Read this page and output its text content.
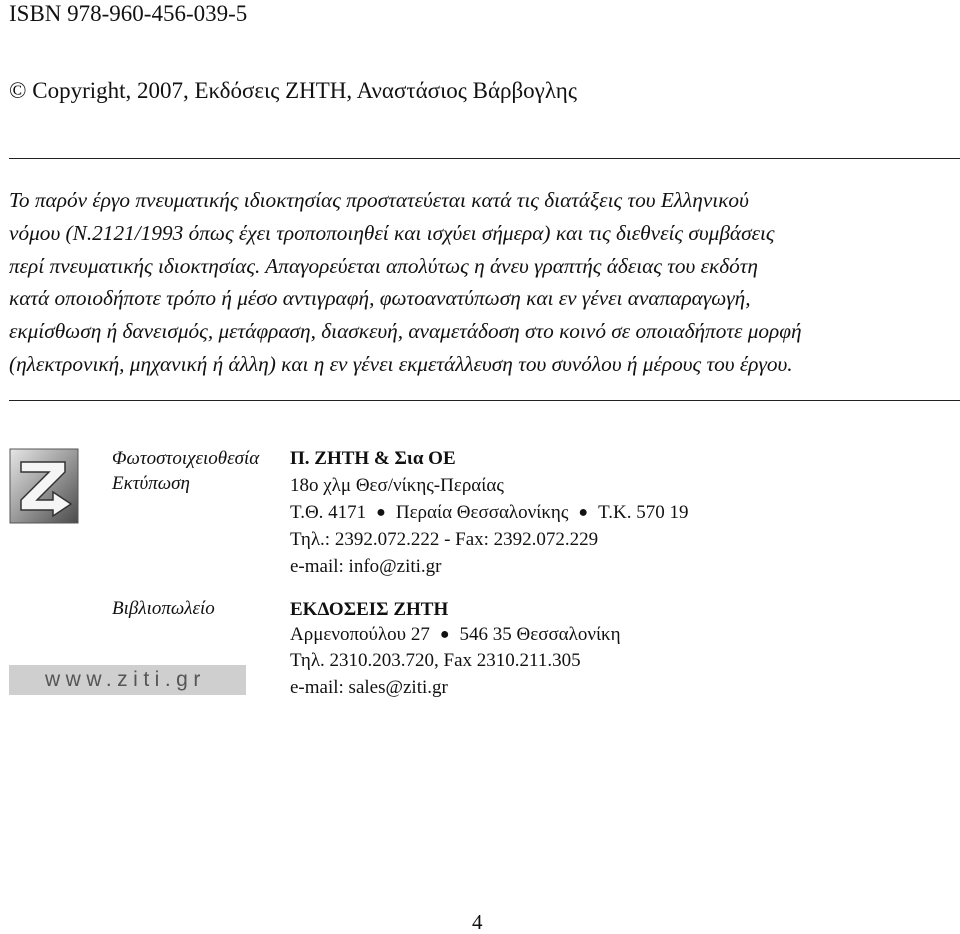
ISBN 978-960-456-039-5
© Copyright, 2007, Εκδόσεις ΖΗΤΗ, Αναστάσιος Βάρβογλης

Το παρόν έργο πνευματικής ιδιοκτησίας προστατεύεται κατά τις διατάξεις του Ελληνικού
νόμου (Ν.2121/1993 όπως έχει τροποποιηθεί και ισχύει σήμερα) και τις διεθνείς συμβάσεις
περί πνευματικής ιδιοκτησίας. Απαγορεύεται απολύτως η άνευ γραπτής άδειας του εκδότη
κατά οποιοδήποτε τρόπο ή μέσο αντιγραφή, φωτοανατύπωση και εν γένει αναπαραγωγή,
εκμίσθωση ή δανεισμός, μετάφραση, διασκευή, αναμετάδοση στο κοινό σε οποιαδήποτε μορφή
(ηλεκτρονική, μηχανική ή άλλη) και η εν γένει εκμετάλλευση του συνόλου ή μέρους του έργου.

Φωτοστοιχειοθεσία
Εκτύπωση
Βιβλιοπωλείο
www.ziti.gr
Π. ΖΗΤΗ & Σια ΟΕ
18ο χλμ Θεσ/νίκης-Περαίας
Τ.Θ. 4171 ● Περαία Θεσσαλονίκης ● Τ.Κ. 570 19
Τηλ.: 2392.072.222 - Fax: 2392.072.229
e-mail: info@ziti.gr
ΕΚΔΟΣΕΙΣ ΖΗΤΗ
Αρμενοπούλου 27 ● 546 35 Θεσσαλονίκη
Τηλ. 2310.203.720, Fax 2310.211.305
e-mail: sales@ziti.gr
4
